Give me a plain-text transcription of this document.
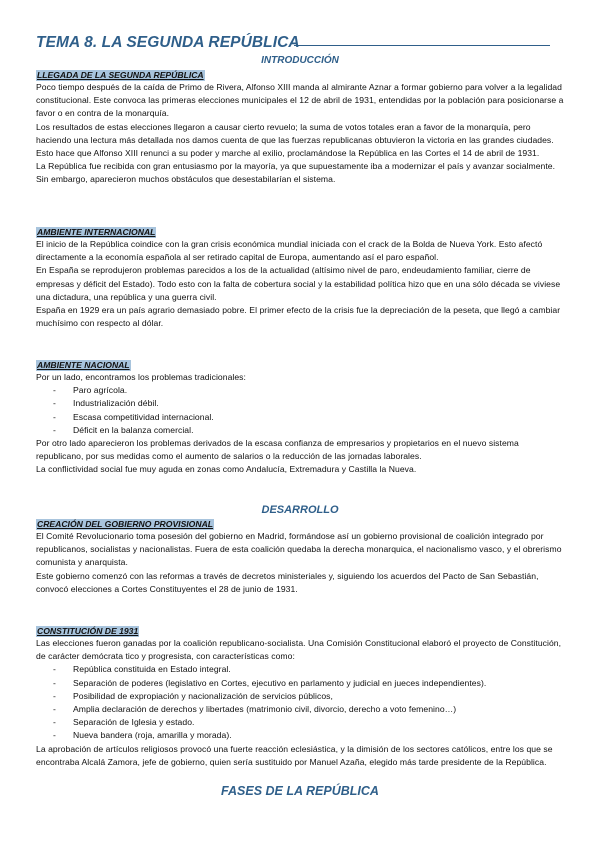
TEMA 8. LA SEGUNDA REPÚBLICA
INTRODUCCIÓN
LLEGADA DE LA SEGUNDA REPÚBLICA

Poco tiempo después de la caída de Primo de Rivera, Alfonso XIII manda al almirante Aznar a formar gobierno para volver a la legalidad constitucional. Este convoca las primeras elecciones municipales el 12 de abril de 1931, entendidas por la población para posicionarse a favor o en contra de la monarquía.

Los resultados de estas elecciones llegaron a causar cierto revuelo; la suma de votos totales eran a favor de la monarquía, pero haciendo una lectura más detallada nos damos cuenta de que las fuerzas republicanas obtuvieron la victoria en las grandes ciudades. Esto hace que Alfonso XIII renunci a su poder y marche al exilio, proclamándose la República en las Cortes el 14 de abril de 1931.

La República fue recibida con gran entusiasmo por la mayoría, ya que supuestamente iba a modernizar el país y avanzar socialmente. Sin embargo, aparecieron muchos obstáculos que desestabilarían el sistema.

AMBIENTE INTERNACIONAL

El inicio de la República coindice con la gran crisis económica mundial iniciada con el crack de la Bolda de Nueva York. Esto afectó directamente a la economía española al ser retirado capital de Europa, aumentando así el paro español.

En España se reprodujeron problemas parecidos a los de la actualidad (altísimo nivel de paro, endeudamiento familiar, cierre de empresas y déficit del Estado). Todo esto con la falta de cobertura social y la estabilidad política hizo que en una sólo década se viviese una dictadura, una república y una guerra civil.

España en 1929 era un país agrario demasiado pobre. El primer efecto de la crisis fue la depreciación de la peseta, que llegó a cambiar muchísimo con respecto al dólar.

AMBIENTE NACIONAL

Por un lado, encontramos los problemas tradicionales:

- Paro agrícola.
- Industrialización débil.
- Escasa competitividad internacional.
- Déficit en la balanza comercial.

Por otro lado aparecieron los problemas derivados de la escasa confianza de empresarios y propietarios en el nuevo sistema republicano, por sus medidas como el aumento de salarios o la reducción de las jornadas laborales.

La conflictividad social fue muy aguda en zonas como Andalucía, Extremadura y Castilla la Nueva.

DESARROLLO
CREACIÓN DEL GOBIERNO PROVISIONAL

El Comité Revolucionario toma posesión del gobierno en Madrid, formándose así un gobierno provisional de coalición integrado por republicanos, socialistas y nacionalistas. Fuera de esta coalición quedaba la derecha monarquica, el nacionalismo vasco, y el obrerismo comunista y anarquista.

Este gobierno comenzó con las reformas a través de decretos ministeriales y, siguiendo los acuerdos del Pacto de San Sebastián, convocó elecciones a Cortes Constituyentes el 28 de junio de 1931.

CONSTITUCIÓN DE 1931

Las elecciones fueron ganadas por la coalición republicano-socialista. Una Comisión Constitucional elaboró el proyecto de Constitución, de carácter demócrata tico y progresista, con características como:

- República constituida en Estado integral.
- Separación de poderes (legislativo en Cortes, ejecutivo en parlamento y judicial en jueces independientes).
- Posibilidad de expropiación y nacionalización de servicios públicos,
- Amplia declaración de derechos y libertades (matrimonio civil, divorcio, derecho a voto femenino…)
- Separación de Iglesia y estado.
- Nueva bandera (roja, amarilla y morada).

La aprobación de artículos religiosos provocó una fuerte reacción eclesiástica, y la dimisión de los sectores católicos, entre los que se encontraba Alcalá Zamora, jefe de gobierno, quien sería sustituido por Manuel Azaña, elegido más tarde presidente de la República.

FASES DE LA REPÚBLICA
